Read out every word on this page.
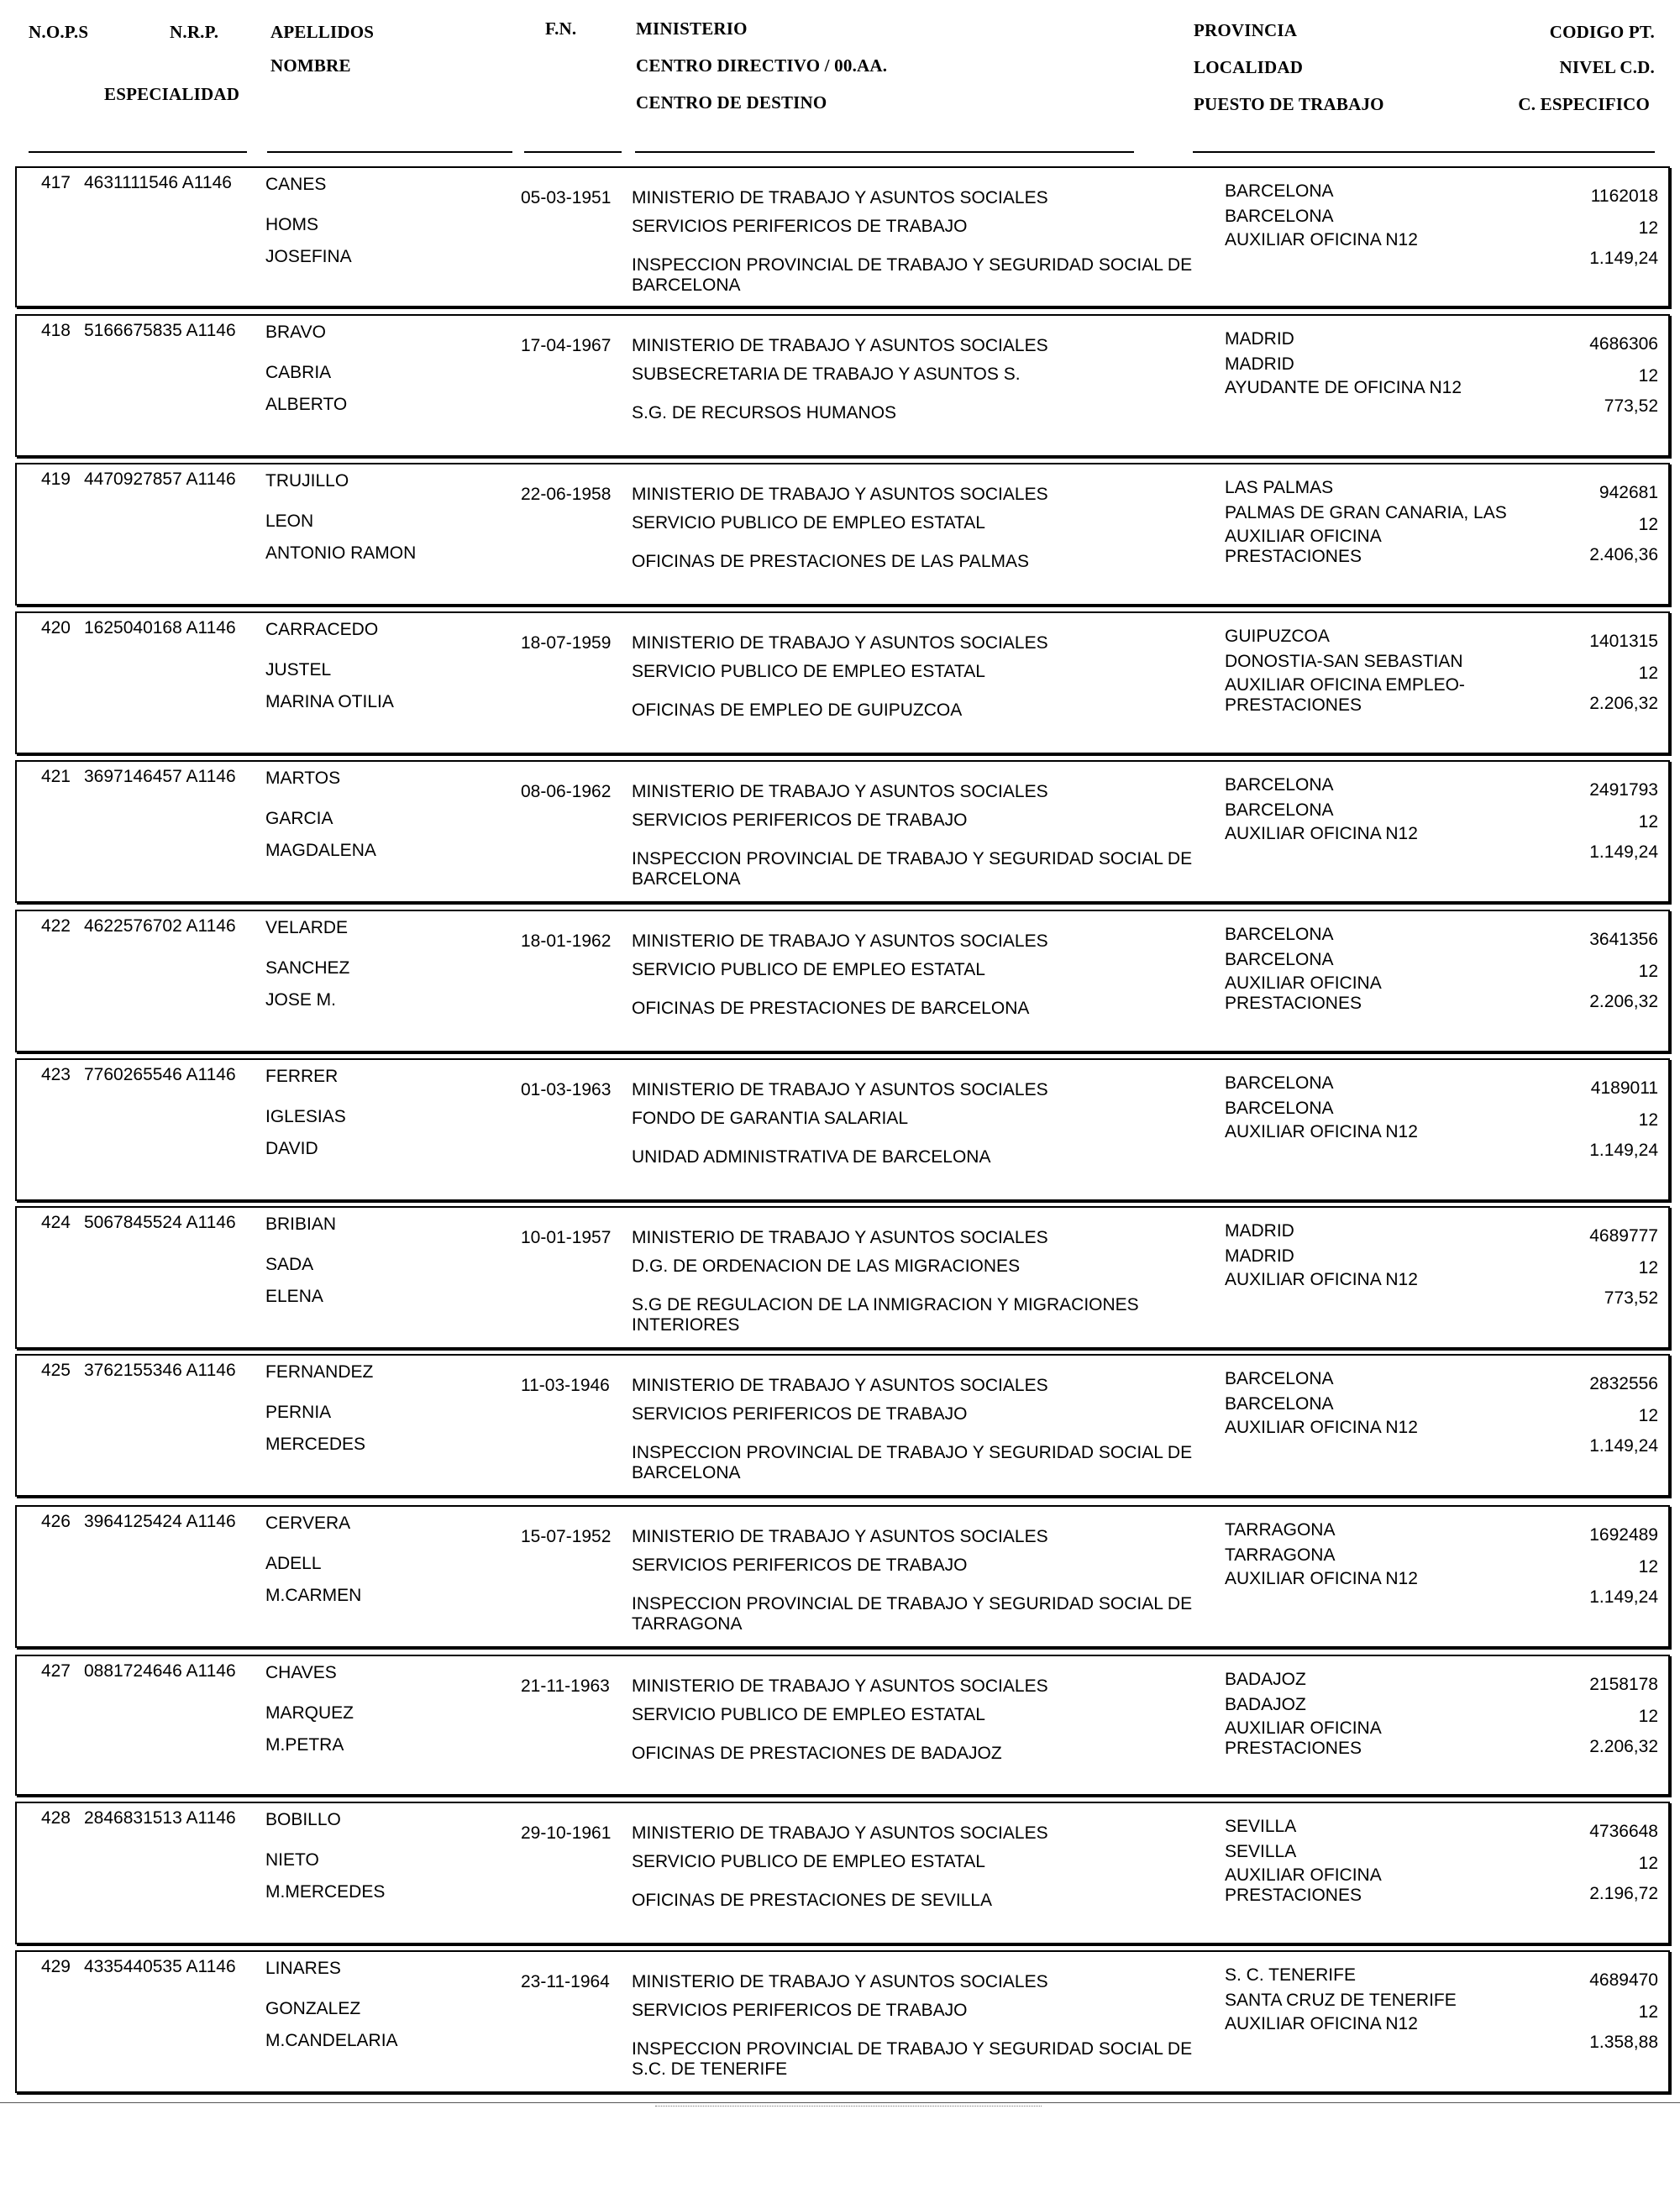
N.O.P.S	N.R.P.
ESPECIALIDAD
APELLIDOS
NOMBRE
F.N.	MINISTERIO
CENTRO DIRECTIVO / 00.AA.
CENTRO DE DESTINO
PROVINCIA
LOCALIDAD
PUESTO DE TRABAJO
CODIGO PT.
NIVEL C.D.
C. ESPECIFICO
417 4631111546 A1146 CANES
HOMS
JOSEFINA
05-03-1951 MINISTERIO DE TRABAJO Y ASUNTOS SOCIALES
SERVICIOS PERIFERICOS DE TRABAJO
INSPECCION PROVINCIAL DE TRABAJO Y SEGURIDAD SOCIAL DE BARCELONA
BARCELONA
BARCELONA
AUXILIAR OFICINA N12
1162018
12
1.149,24
418 5166675835 A1146 BRAVO
CABRIA
ALBERTO
17-04-1967 MINISTERIO DE TRABAJO Y ASUNTOS SOCIALES
SUBSECRETARIA DE TRABAJO Y ASUNTOS S.
S.G. DE RECURSOS HUMANOS
MADRID
MADRID
AYUDANTE DE OFICINA N12
4686306
12
773,52
419 4470927857 A1146 TRUJILLO
LEON
ANTONIO RAMON
22-06-1958 MINISTERIO DE TRABAJO Y ASUNTOS SOCIALES
SERVICIO PUBLICO DE EMPLEO ESTATAL
OFICINAS DE PRESTACIONES DE LAS PALMAS
LAS PALMAS
PALMAS DE GRAN CANARIA, LAS
AUXILIAR OFICINA PRESTACIONES
942681
12
2.406,36
420 1625040168 A1146 CARRACEDO
JUSTEL
MARINA OTILIA
18-07-1959 MINISTERIO DE TRABAJO Y ASUNTOS SOCIALES
SERVICIO PUBLICO DE EMPLEO ESTATAL
OFICINAS DE EMPLEO DE GUIPUZCOA
GUIPUZCOA
DONOSTIA-SAN SEBASTIAN
AUXILIAR OFICINA EMPLEO-PRESTACIONES
1401315
12
2.206,32
421 3697146457 A1146 MARTOS
GARCIA
MAGDALENA
08-06-1962 MINISTERIO DE TRABAJO Y ASUNTOS SOCIALES
SERVICIOS PERIFERICOS DE TRABAJO
INSPECCION PROVINCIAL DE TRABAJO Y SEGURIDAD SOCIAL DE BARCELONA
BARCELONA
BARCELONA
AUXILIAR OFICINA N12
2491793
12
1.149,24
422 4622576702 A1146 VELARDE
SANCHEZ
JOSE M.
18-01-1962 MINISTERIO DE TRABAJO Y ASUNTOS SOCIALES
SERVICIO PUBLICO DE EMPLEO ESTATAL
OFICINAS DE PRESTACIONES DE BARCELONA
BARCELONA
BARCELONA
AUXILIAR OFICINA PRESTACIONES
3641356
12
2.206,32
423 7760265546 A1146 FERRER
IGLESIAS
DAVID
01-03-1963 MINISTERIO DE TRABAJO Y ASUNTOS SOCIALES
FONDO DE GARANTIA SALARIAL
UNIDAD ADMINISTRATIVA DE BARCELONA
BARCELONA
BARCELONA
AUXILIAR OFICINA N12
4189011
12
1.149,24
424 5067845524 A1146 BRIBIAN
SADA
ELENA
10-01-1957 MINISTERIO DE TRABAJO Y ASUNTOS SOCIALES
D.G. DE ORDENACION DE LAS MIGRACIONES
S.G DE REGULACION DE LA INMIGRACION Y MIGRACIONES INTERIORES
MADRID
MADRID
AUXILIAR OFICINA N12
4689777
12
773,52
425 3762155346 A1146 FERNANDEZ
PERNIA
MERCEDES
11-03-1946 MINISTERIO DE TRABAJO Y ASUNTOS SOCIALES
SERVICIOS PERIFERICOS DE TRABAJO
INSPECCION PROVINCIAL DE TRABAJO Y SEGURIDAD SOCIAL DE BARCELONA
BARCELONA
BARCELONA
AUXILIAR OFICINA N12
2832556
12
1.149,24
426 3964125424 A1146 CERVERA
ADELL
M.CARMEN
15-07-1952 MINISTERIO DE TRABAJO Y ASUNTOS SOCIALES
SERVICIOS PERIFERICOS DE TRABAJO
INSPECCION PROVINCIAL DE TRABAJO Y SEGURIDAD SOCIAL DE TARRAGONA
TARRAGONA
TARRAGONA
AUXILIAR OFICINA N12
1692489
12
1.149,24
427 0881724646 A1146 CHAVES
MARQUEZ
M.PETRA
21-11-1963 MINISTERIO DE TRABAJO Y ASUNTOS SOCIALES
SERVICIO PUBLICO DE EMPLEO ESTATAL
OFICINAS DE PRESTACIONES DE BADAJOZ
BADAJOZ
BADAJOZ
AUXILIAR OFICINA PRESTACIONES
2158178
12
2.206,32
428 2846831513 A1146 BOBILLO
NIETO
M.MERCEDES
29-10-1961 MINISTERIO DE TRABAJO Y ASUNTOS SOCIALES
SERVICIO PUBLICO DE EMPLEO ESTATAL
OFICINAS DE PRESTACIONES DE SEVILLA
SEVILLA
SEVILLA
AUXILIAR OFICINA PRESTACIONES
4736648
12
2.196,72
429 4335440535 A1146 LINARES
GONZALEZ
M.CANDELARIA
23-11-1964 MINISTERIO DE TRABAJO Y ASUNTOS SOCIALES
SERVICIOS PERIFERICOS DE TRABAJO
INSPECCION PROVINCIAL DE TRABAJO Y SEGURIDAD SOCIAL DE S.C. DE TENERIFE
S. C. TENERIFE
SANTA CRUZ DE TENERIFE
AUXILIAR OFICINA N12
4689470
12
1.358,88
